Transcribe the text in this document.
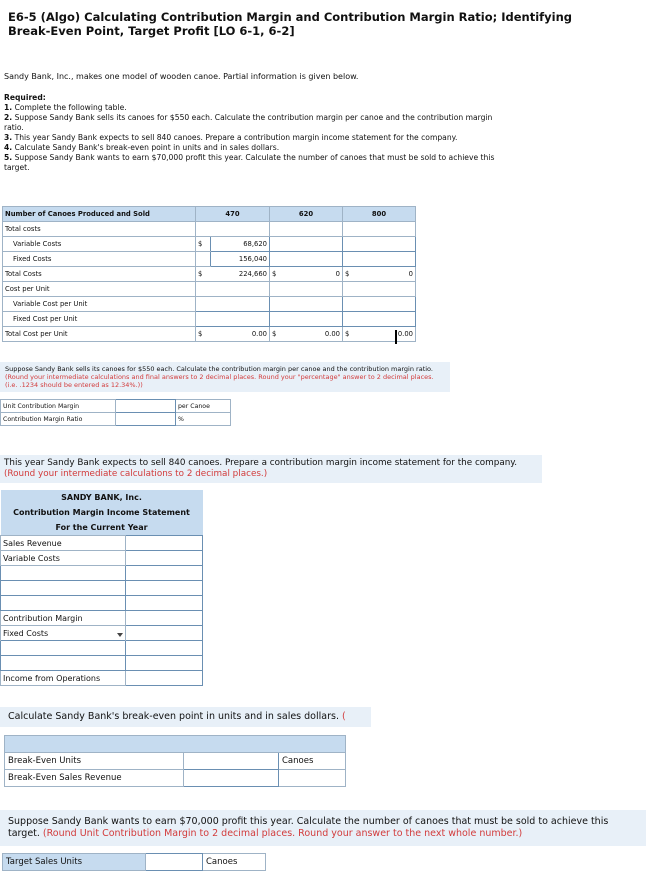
E6-5 (Algo) Calculating Contribution Margin and Contribution Margin Ratio; Identifying Break-Even Point, Target Profit [LO 6-1, 6-2]
Sandy Bank, Inc., makes one model of wooden canoe. Partial information is given below.
Required:
1. Complete the following table.
2. Suppose Sandy Bank sells its canoes for $550 each. Calculate the contribution margin per canoe and the contribution margin ratio.
3. This year Sandy Bank expects to sell 840 canoes. Prepare a contribution margin income statement for the company.
4. Calculate Sandy Bank's break-even point in units and in sales dollars.
5. Suppose Sandy Bank wants to earn $70,000 profit this year. Calculate the number of canoes that must be sold to achieve this target.
Number of Canoes Produced and Sold	470		620		800	
Total costs						
Variable Costs	$	68,620				
Fixed Costs		156,040				
Total Costs	$	224,660	$	0	$	0
Cost per Unit						
Variable Cost per Unit						
Fixed Cost per Unit						
Total Cost per Unit	$	0.00	$	0.00	$	0.00
Suppose Sandy Bank sells its canoes for $550 each. Calculate the contribution margin per canoe and the contribution margin ratio. (Round your intermediate calculations and final answers to 2 decimal places. Round your "percentage" answer to 2 decimal places. (i.e. .1234 should be entered as 12.34%.))
Unit Contribution Margin		per Canoe
Contribution Margin Ratio		%
This year Sandy Bank expects to sell 840 canoes. Prepare a contribution margin income statement for the company. (Round your intermediate calculations to 2 decimal places.)
SANDY BANK, Inc.	
Contribution Margin Income Statement	
For the Current Year	
Sales Revenue	
Variable Costs	

Contribution Margin	
Fixed Costs

Income from Operations	
Calculate Sandy Bank's break-even point in units and in sales dollars. (

Break-Even Units		Canoes
Break-Even Sales Revenue		
Suppose Sandy Bank wants to earn $70,000 profit this year. Calculate the number of canoes that must be sold to achieve this target. (Round Unit Contribution Margin to 2 decimal places. Round your answer to the next whole number.)
Target Sales Units		Canoes
